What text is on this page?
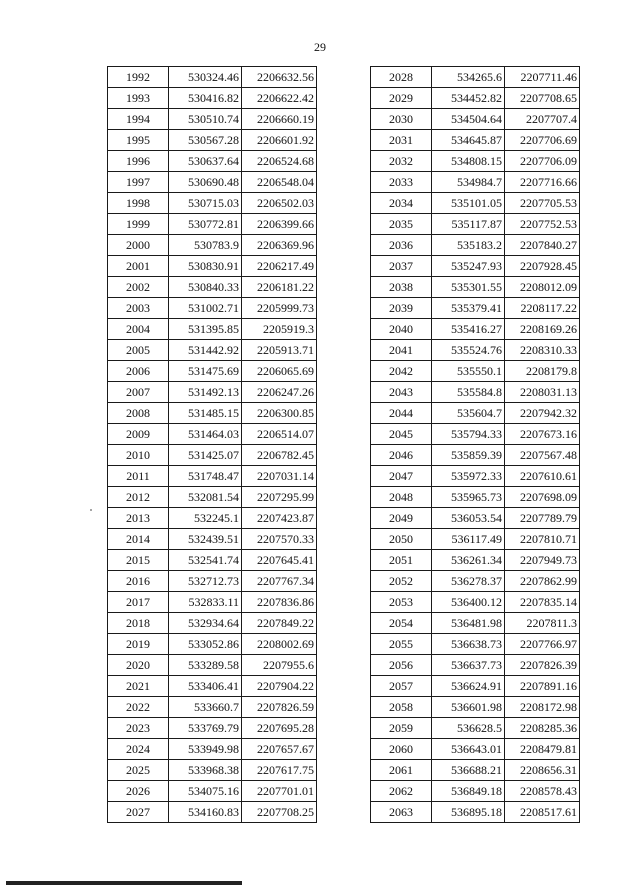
29
1992	530324.46	2206632.56
1993	530416.82	2206622.42
1994	530510.74	2206660.19
1995	530567.28	2206601.92
1996	530637.64	2206524.68
1997	530690.48	2206548.04
1998	530715.03	2206502.03
1999	530772.81	2206399.66
2000	530783.9	2206369.96
2001	530830.91	2206217.49
2002	530840.33	2206181.22
2003	531002.71	2205999.73
2004	531395.85	2205919.3
2005	531442.92	2205913.71
2006	531475.69	2206065.69
2007	531492.13	2206247.26
2008	531485.15	2206300.85
2009	531464.03	2206514.07
2010	531425.07	2206782.45
2011	531748.47	2207031.14
2012	532081.54	2207295.99
2013	532245.1	2207423.87
2014	532439.51	2207570.33
2015	532541.74	2207645.41
2016	532712.73	2207767.34
2017	532833.11	2207836.86
2018	532934.64	2207849.22
2019	533052.86	2208002.69
2020	533289.58	2207955.6
2021	533406.41	2207904.22
2022	533660.7	2207826.59
2023	533769.79	2207695.28
2024	533949.98	2207657.67
2025	533968.38	2207617.75
2026	534075.16	2207701.01
2027	534160.83	2207708.25
2028	534265.6	2207711.46
2029	534452.82	2207708.65
2030	534504.64	2207707.4
2031	534645.87	2207706.69
2032	534808.15	2207706.09
2033	534984.7	2207716.66
2034	535101.05	2207705.53
2035	535117.87	2207752.53
2036	535183.2	2207840.27
2037	535247.93	2207928.45
2038	535301.55	2208012.09
2039	535379.41	2208117.22
2040	535416.27	2208169.26
2041	535524.76	2208310.33
2042	535550.1	2208179.8
2043	535584.8	2208031.13
2044	535604.7	2207942.32
2045	535794.33	2207673.16
2046	535859.39	2207567.48
2047	535972.33	2207610.61
2048	535965.73	2207698.09
2049	536053.54	2207789.79
2050	536117.49	2207810.71
2051	536261.34	2207949.73
2052	536278.37	2207862.99
2053	536400.12	2207835.14
2054	536481.98	2207811.3
2055	536638.73	2207766.97
2056	536637.73	2207826.39
2057	536624.91	2207891.16
2058	536601.98	2208172.98
2059	536628.5	2208285.36
2060	536643.01	2208479.81
2061	536688.21	2208656.31
2062	536849.18	2208578.43
2063	536895.18	2208517.61
